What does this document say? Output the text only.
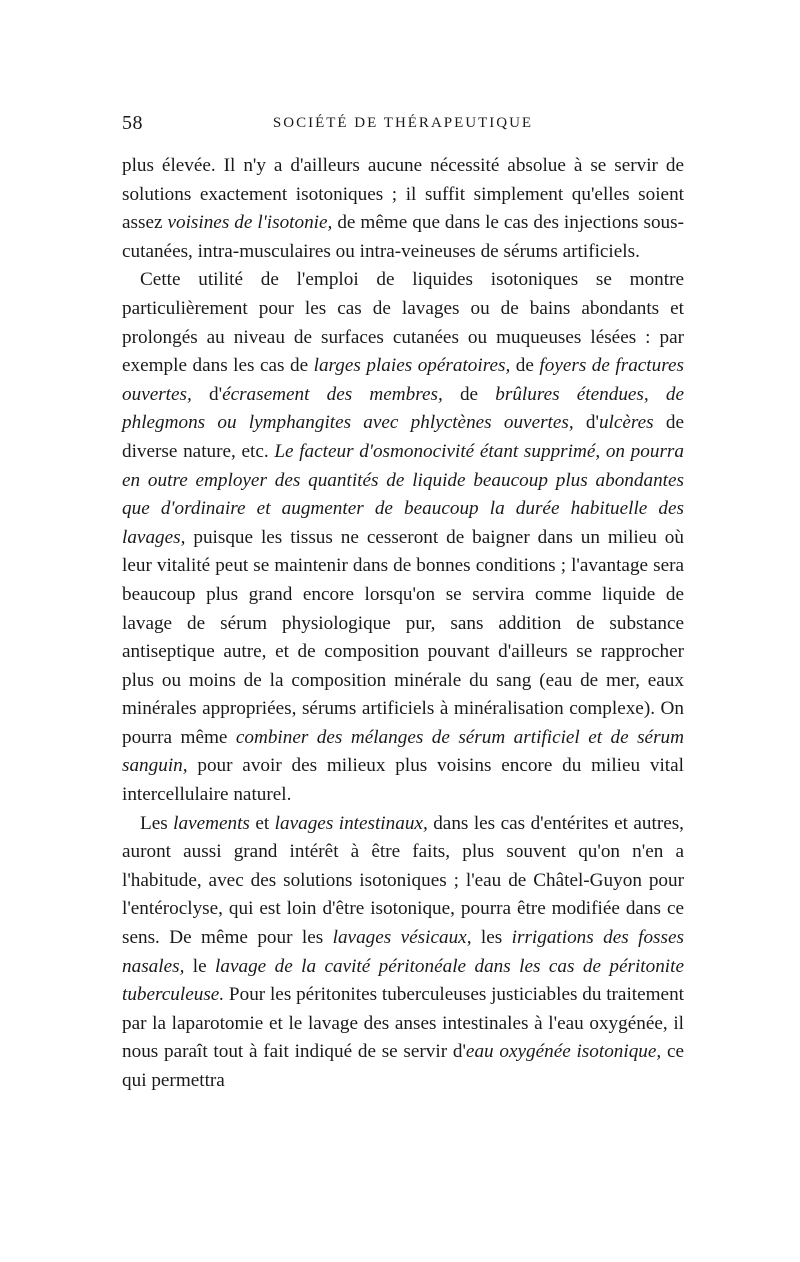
58	SOCIÉTÉ DE THÉRAPEUTIQUE

plus élevée. Il n'y a d'ailleurs aucune nécessité absolue à se servir de solutions exactement isotoniques ; il suffit simplement qu'elles soient assez voisines de l'isotonie, de même que dans le cas des injections sous-cutanées, intra-musculaires ou intra-veineuses de sérums artificiels.

Cette utilité de l'emploi de liquides isotoniques se montre particulièrement pour les cas de lavages ou de bains abondants et prolongés au niveau de surfaces cutanées ou muqueuses lésées : par exemple dans les cas de larges plaies opératoires, de foyers de fractures ouvertes, d'écrasement des membres, de brûlures étendues, de phlegmons ou lymphangites avec phlyctènes ouvertes, d'ulcères de diverse nature, etc. Le facteur d'osmonocivité étant supprimé, on pourra en outre employer des quantités de liquide beaucoup plus abondantes que d'ordinaire et augmenter de beaucoup la durée habituelle des lavages, puisque les tissus ne cesseront de baigner dans un milieu où leur vitalité peut se maintenir dans de bonnes conditions ; l'avantage sera beaucoup plus grand encore lorsqu'on se servira comme liquide de lavage de sérum physiologique pur, sans addition de substance antiseptique autre, et de composition pouvant d'ailleurs se rapprocher plus ou moins de la composition minérale du sang (eau de mer, eaux minérales appropriées, sérums artificiels à minéralisation complexe). On pourra même combiner des mélanges de sérum artificiel et de sérum sanguin, pour avoir des milieux plus voisins encore du milieu vital intercellulaire naturel.

Les lavements et lavages intestinaux, dans les cas d'entérites et autres, auront aussi grand intérêt à être faits, plus souvent qu'on n'en a l'habitude, avec des solutions isotoniques ; l'eau de Châtel-Guyon pour l'entéroclyse, qui est loin d'être isotonique, pourra être modifiée dans ce sens. De même pour les lavages vésicaux, les irrigations des fosses nasales, le lavage de la cavité péritonéale dans les cas de péritonite tuberculeuse. Pour les péritonites tuberculeuses justiciables du traitement par la laparotomie et le lavage des anses intestinales à l'eau oxygénée, il nous paraît tout à fait indiqué de se servir d'eau oxygénée isotonique, ce qui permettra
